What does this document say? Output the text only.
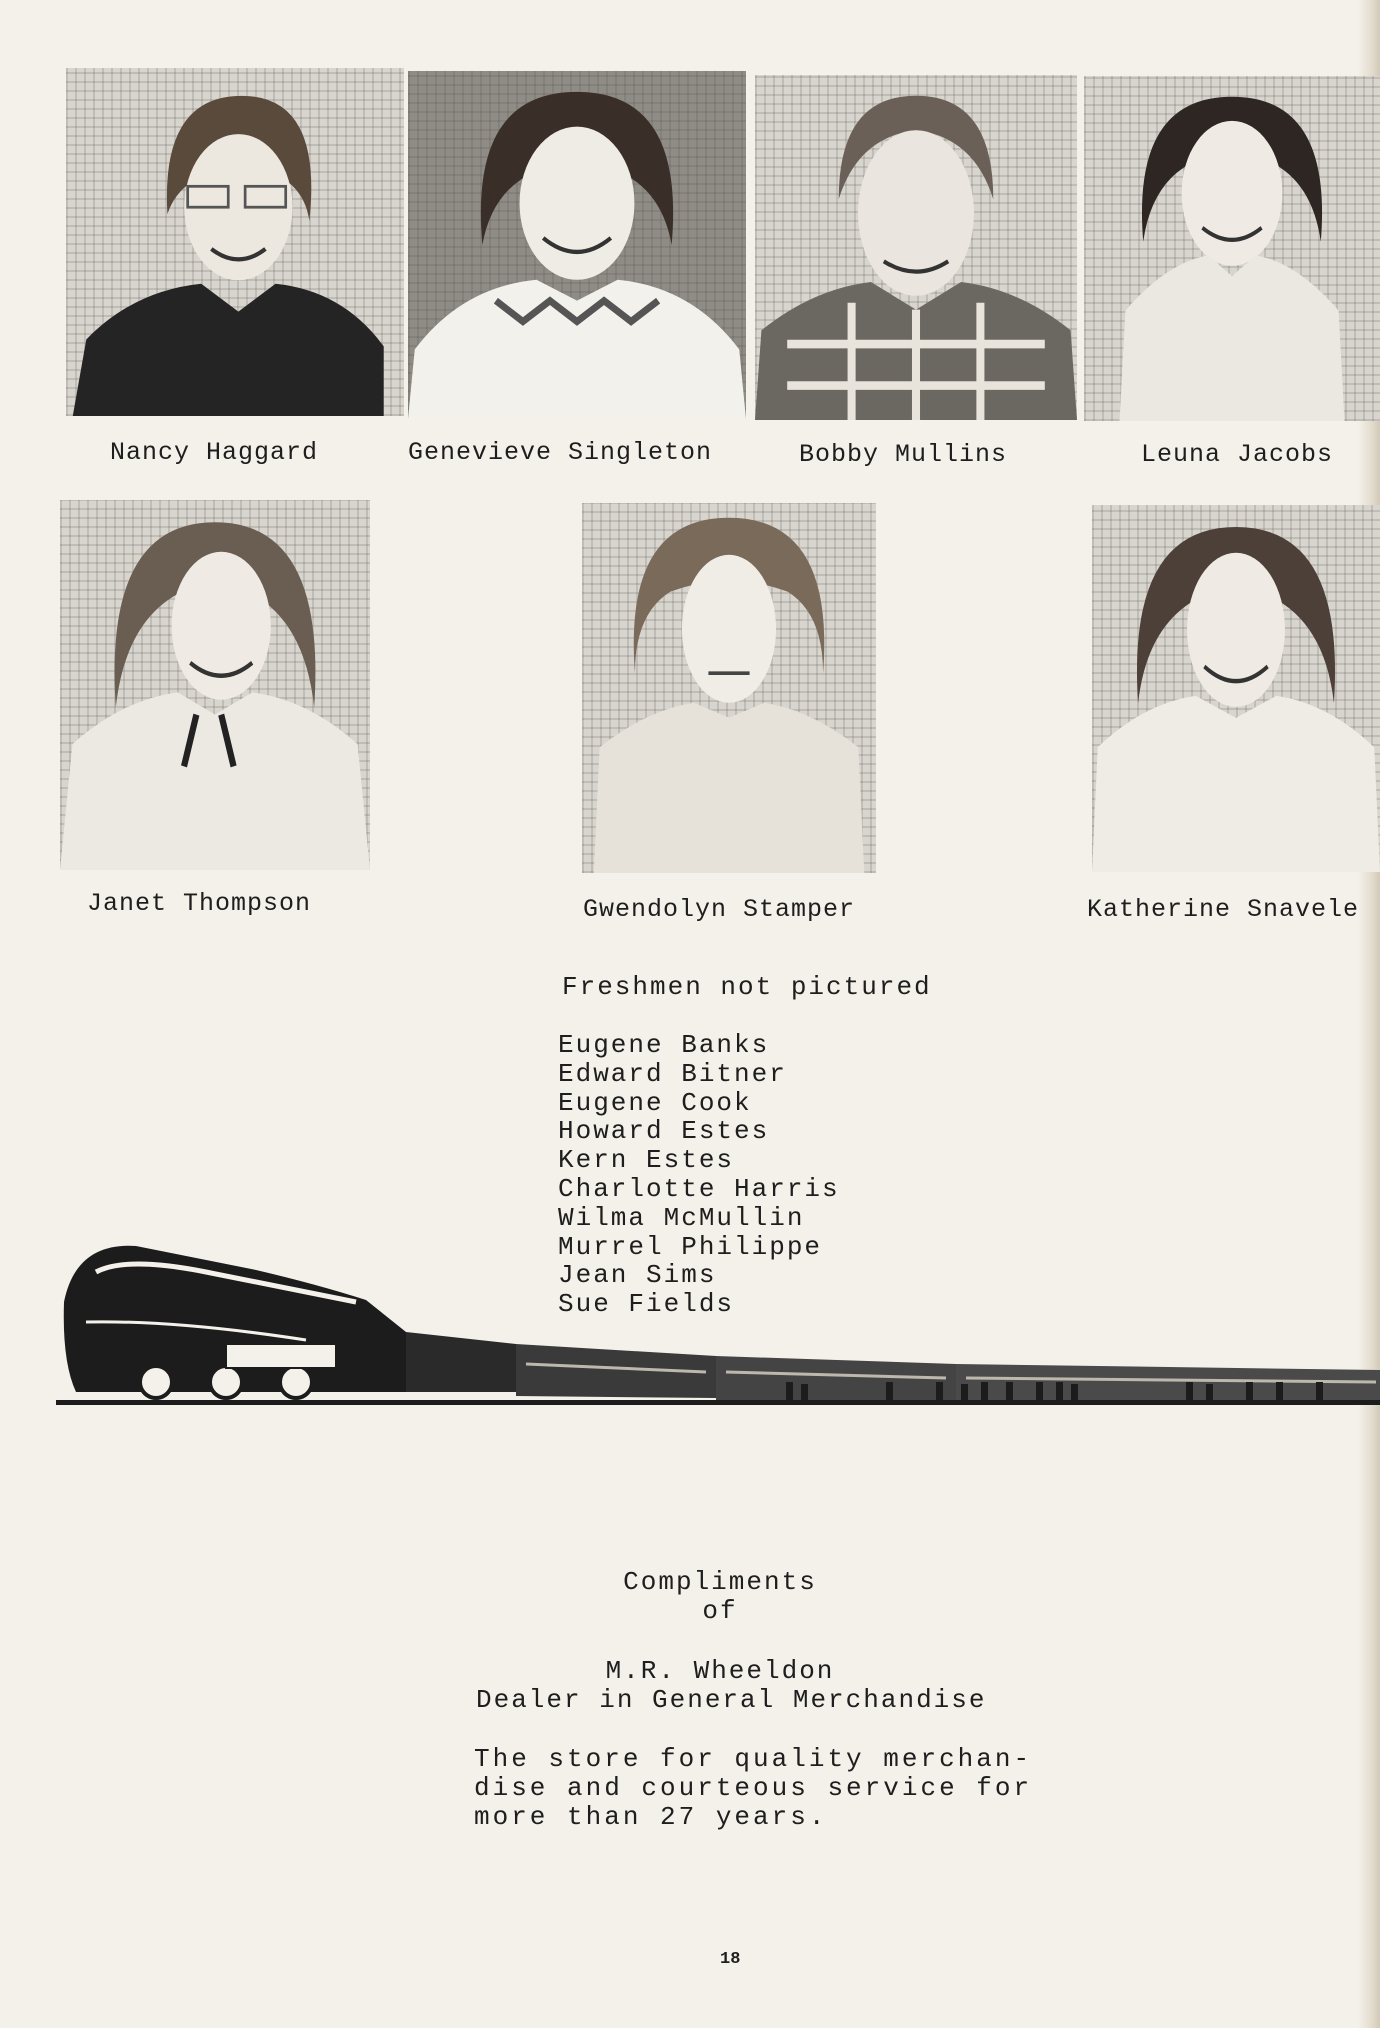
Nancy Haggard	Genevieve Singleton	Bobby Mullins	Leuna Jacobs
Janet Thompson	Gwendolyn Stamper	Katherine Snavele
Freshmen not pictured
Eugene Banks
Edward Bitner
Eugene Cook
Howard Estes
Kern Estes
Charlotte Harris
Wilma McMullin
Murrel Philippe
Jean Sims
Sue Fields
Compliments
of
M.R. Wheeldon
Dealer in General Merchandise
The store for quality merchan-
dise and courteous service for
more than 27 years.
18
